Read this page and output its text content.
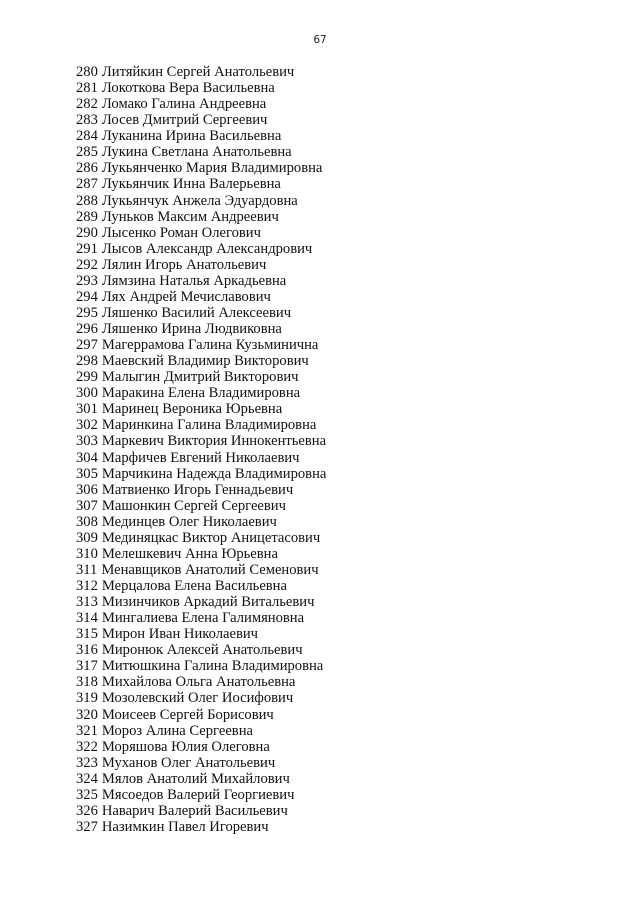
67
280 Литяйкин Сергей Анатольевич
281 Локоткова Вера Васильевна
282 Ломако Галина Андреевна
283 Лосев Дмитрий Сергеевич
284 Луканина Ирина Васильевна
285 Лукина Светлана Анатольевна
286 Лукьянченко Мария Владимировна
287 Лукьянчик Инна Валерьевна
288 Лукьянчук Анжела Эдуардовна
289 Луньков Максим Андреевич
290 Лысенко Роман Олегович
291 Лысов Александр Александрович
292 Лялин Игорь Анатольевич
293 Лямзина Наталья Аркадьевна
294 Лях Андрей Мечиславович
295 Ляшенко Василий Алексеевич
296 Ляшенко Ирина Людвиковна
297 Магеррамова Галина Кузьминична
298 Маевский Владимир Викторович
299 Малыгин Дмитрий Викторович
300 Маракина Елена Владимировна
301 Маринец Вероника Юрьевна
302 Маринкина Галина Владимировна
303 Маркевич Виктория Иннокентьевна
304 Марфичев Евгений Николаевич
305 Марчикина Надежда Владимировна
306 Матвиенко Игорь Геннадьевич
307 Машонкин Сергей Сергеевич
308 Мединцев Олег Николаевич
309 Мединяцкас Виктор Аницетасович
310 Мелешкевич Анна Юрьевна
311 Менавщиков Анатолий Семенович
312 Мерцалова Елена Васильевна
313 Мизинчиков Аркадий Витальевич
314 Мингалиева Елена Галимяновна
315 Мирон Иван Николаевич
316 Миронюк Алексей Анатольевич
317 Митюшкина Галина Владимировна
318 Михайлова Ольга Анатольевна
319 Мозолевский Олег Иосифович
320 Моисеев Сергей Борисович
321 Мороз Алина Сергеевна
322 Моряшова Юлия Олеговна
323 Муханов Олег Анатольевич
324 Мялов Анатолий Михайлович
325 Мясоедов Валерий Георгиевич
326 Наварич Валерий Васильевич
327 Назимкин Павел Игоревич
